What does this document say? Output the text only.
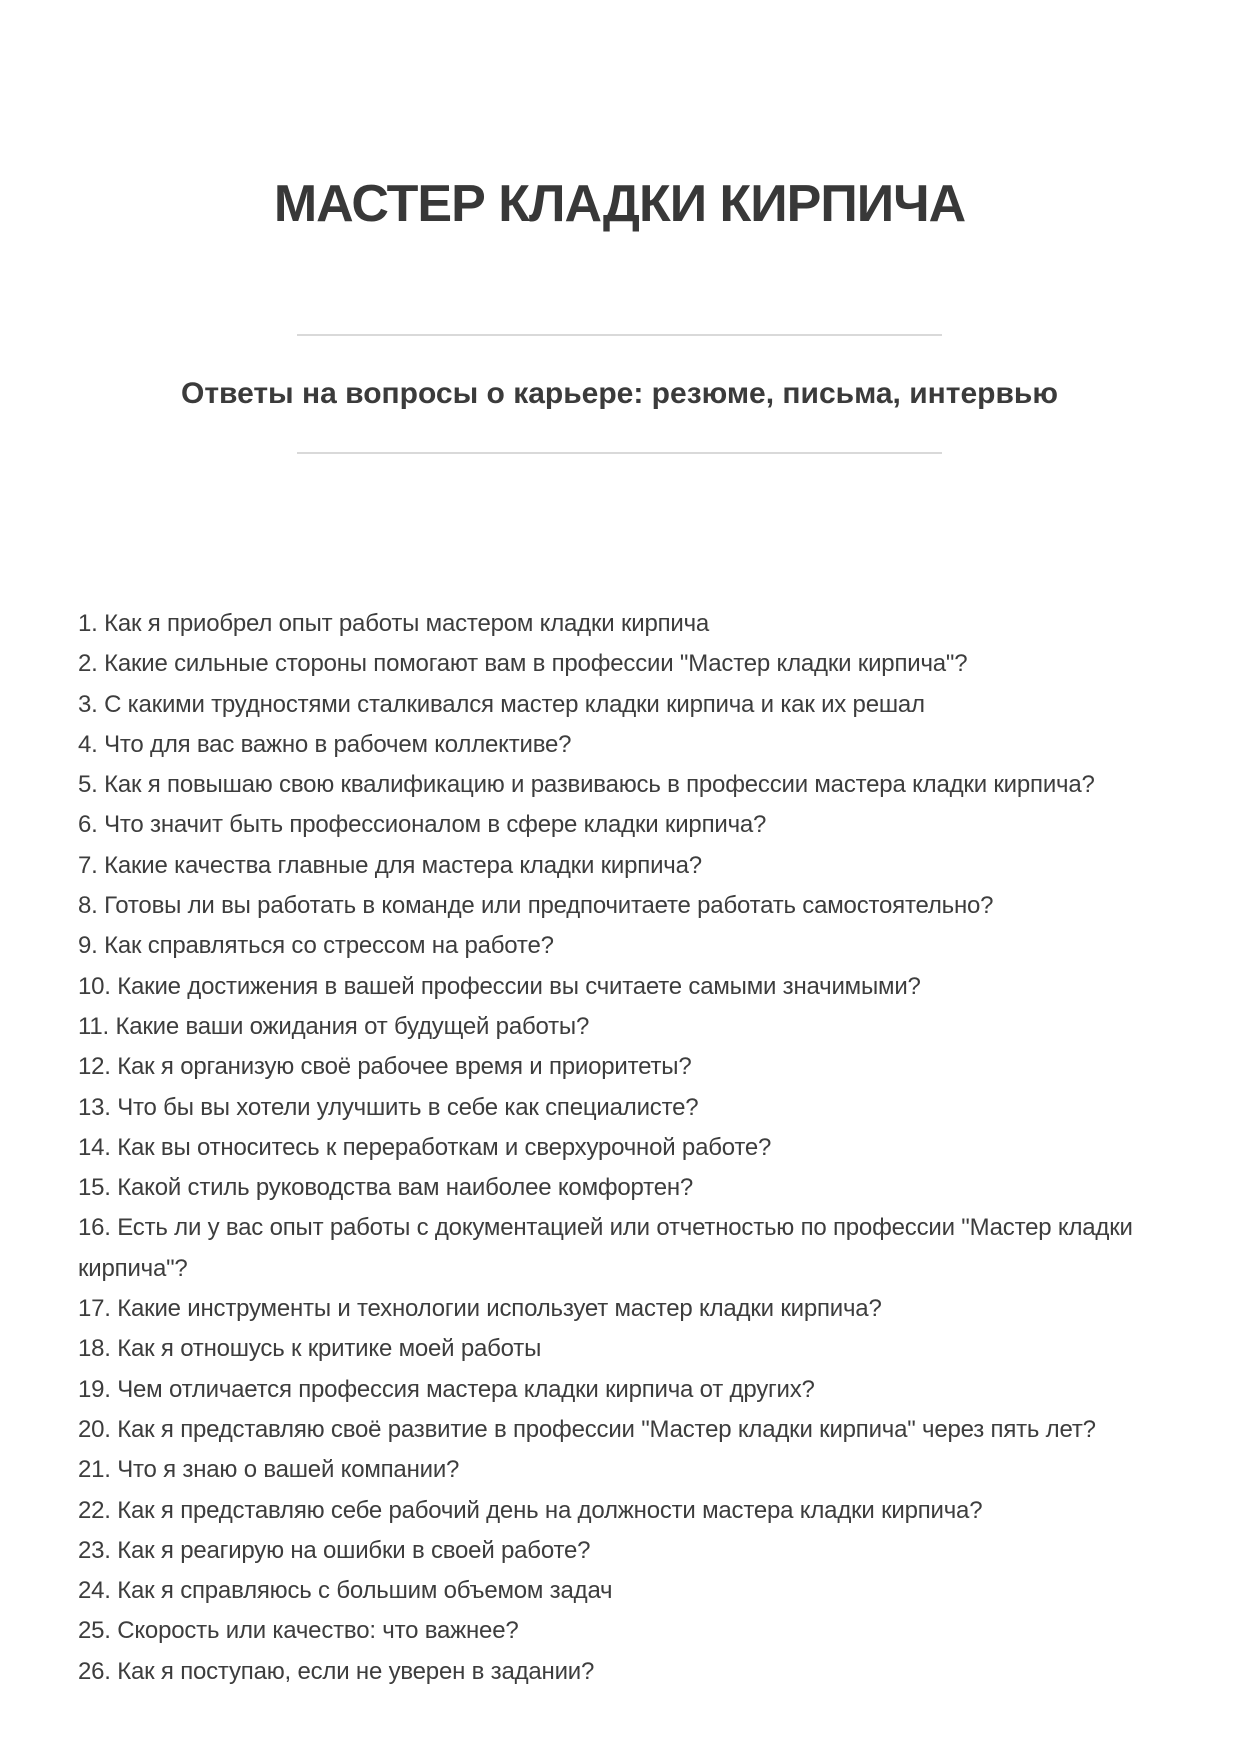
МАСТЕР КЛАДКИ КИРПИЧА
Ответы на вопросы о карьере: резюме, письма, интервью
1. Как я приобрел опыт работы мастером кладки кирпича
2. Какие сильные стороны помогают вам в профессии "Мастер кладки кирпича"?
3. С какими трудностями сталкивался мастер кладки кирпича и как их решал
4. Что для вас важно в рабочем коллективе?
5. Как я повышаю свою квалификацию и развиваюсь в профессии мастера кладки кирпича?
6. Что значит быть профессионалом в сфере кладки кирпича?
7. Какие качества главные для мастера кладки кирпича?
8. Готовы ли вы работать в команде или предпочитаете работать самостоятельно?
9. Как справляться со стрессом на работе?
10. Какие достижения в вашей профессии вы считаете самыми значимыми?
11. Какие ваши ожидания от будущей работы?
12. Как я организую своё рабочее время и приоритеты?
13. Что бы вы хотели улучшить в себе как специалисте?
14. Как вы относитесь к переработкам и сверхурочной работе?
15. Какой стиль руководства вам наиболее комфортен?
16. Есть ли у вас опыт работы с документацией или отчетностью по профессии "Мастер кладки кирпича"?
17. Какие инструменты и технологии использует мастер кладки кирпича?
18. Как я отношусь к критике моей работы
19. Чем отличается профессия мастера кладки кирпича от других?
20. Как я представляю своё развитие в профессии "Мастер кладки кирпича" через пять лет?
21. Что я знаю о вашей компании?
22. Как я представляю себе рабочий день на должности мастера кладки кирпича?
23. Как я реагирую на ошибки в своей работе?
24. Как я справляюсь с большим объемом задач
25. Скорость или качество: что важнее?
26. Как я поступаю, если не уверен в задании?
